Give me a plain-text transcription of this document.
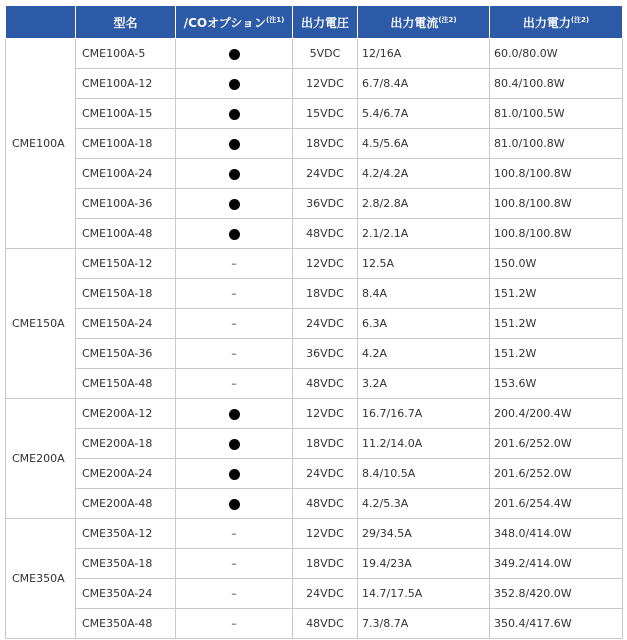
	型名	/COオプション$^{(注1)}$	出力電圧	出力電流$^{(注2)}$	出力電力$^{(注2)}$
CME100A	CME100A-5		5VDC	12/16A	60.0/80.0W
	CME100A-12		12VDC	6.7/8.4A	80.4/100.8W
	CME100A-15		15VDC	5.4/6.7A	81.0/100.5W
	CME100A-18		18VDC	4.5/5.6A	81.0/100.8W
	CME100A-24		24VDC	4.2/4.2A	100.8/100.8W
	CME100A-36		36VDC	2.8/2.8A	100.8/100.8W
	CME100A-48		48VDC	2.1/2.1A	100.8/100.8W
CME150A	CME150A-12	–	12VDC	12.5A	150.0W
	CME150A-18	–	18VDC	8.4A	151.2W
	CME150A-24	–	24VDC	6.3A	151.2W
	CME150A-36	–	36VDC	4.2A	151.2W
	CME150A-48	–	48VDC	3.2A	153.6W
CME200A	CME200A-12		12VDC	16.7/16.7A	200.4/200.4W
	CME200A-18		18VDC	11.2/14.0A	201.6/252.0W
	CME200A-24		24VDC	8.4/10.5A	201.6/252.0W
	CME200A-48		48VDC	4.2/5.3A	201.6/254.4W
CME350A	CME350A-12	–	12VDC	29/34.5A	348.0/414.0W
	CME350A-18	–	18VDC	19.4/23A	349.2/414.0W
	CME350A-24	–	24VDC	14.7/17.5A	352.8/420.0W
	CME350A-48	–	48VDC	7.3/8.7A	350.4/417.6W
